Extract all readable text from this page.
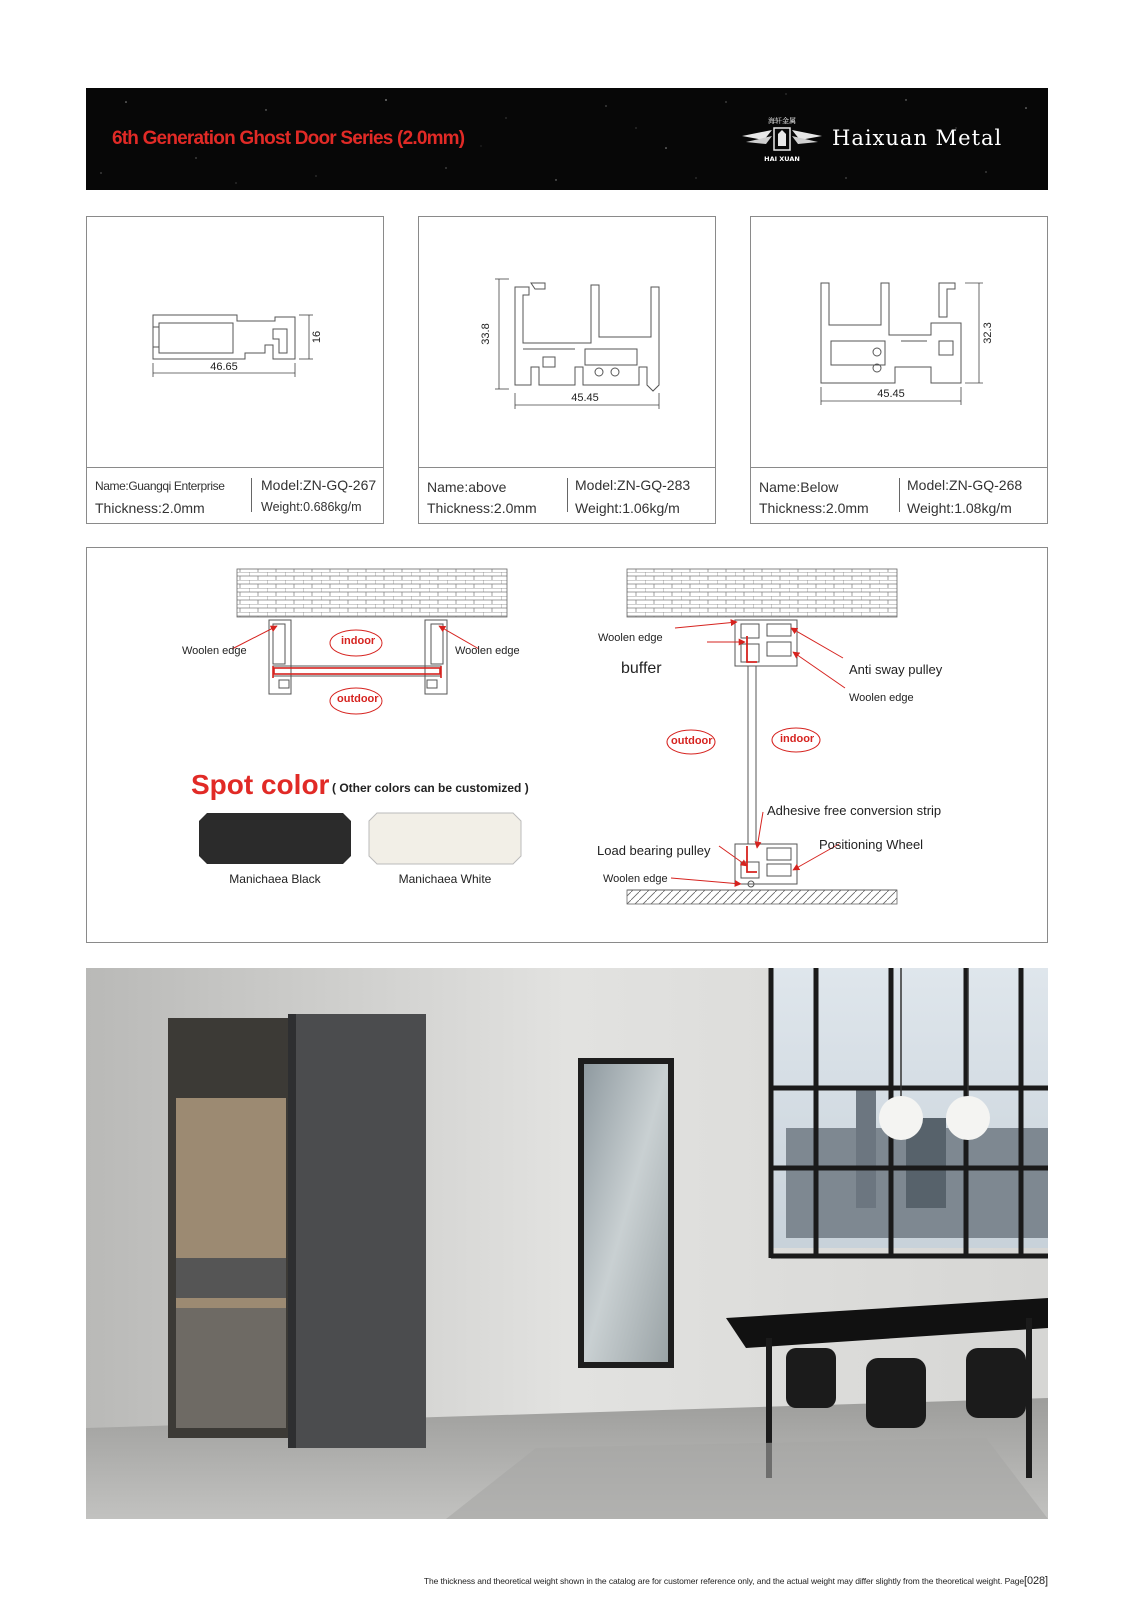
6th Generation Ghost Door Series (2.0mm)
海轩金属
HAI XUAN
Haixuan Metal
46.65
16
Name:Guangqi Enterprise
Thickness:2.0mm
Model:ZN-GQ-267
Weight:0.686kg/m
45.45
33.8
Name:above
Thickness:2.0mm
Model:ZN-GQ-283
Weight:1.06kg/m
45.45
32.3
Name:Below
Thickness:2.0mm
Model:ZN-GQ-268
Weight:1.08kg/m
Woolen edge	Woolen edge
indoor
outdoor
Spot color ( Other colors can be customized )
Manichaea Black	Manichaea White
Woolen edge
buffer	Anti sway pulley
Woolen edge
outdoor	indoor
Adhesive free conversion strip
Positioning Wheel
Load bearing pulley
Woolen edge
The thickness and theoretical weight shown in the catalog are for customer reference only, and the actual weight may differ slightly from the theoretical weight. Page[028]
